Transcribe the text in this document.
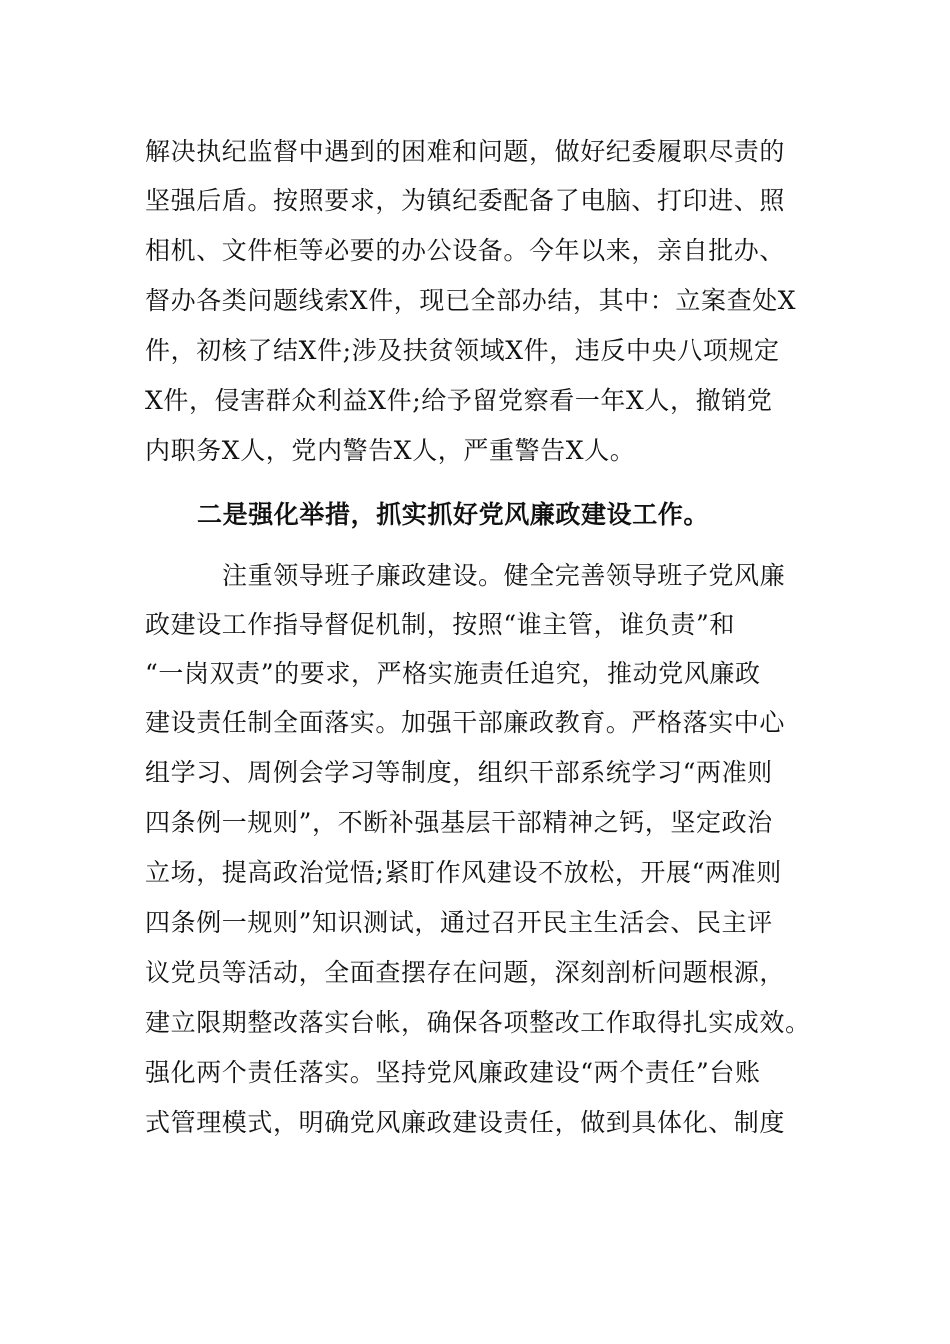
解决执纪监督中遇到的困难和问题，做好纪委履职尽责的
坚强后盾。按照要求，为镇纪委配备了电脑、打印进、照
相机、文件柜等必要的办公设备。今年以来，亲自批办、
督办各类问题线索X件，现已全部办结，其中：立案查处X
件，初核了结X件;涉及扶贫领域X件，违反中央八项规定
X件，侵害群众利益X件;给予留党察看一年X人，撤销党
内职务X人，党内警告X人，严重警告X人。
二是强化举措，抓实抓好党风廉政建设工作。
注重领导班子廉政建设。健全完善领导班子党风廉
政建设工作指导督促机制，按照“谁主管，谁负责”和
“一岗双责”的要求，严格实施责任追究，推动党风廉政
建设责任制全面落实。加强干部廉政教育。严格落实中心
组学习、周例会学习等制度，组织干部系统学习“两准则
四条例一规则”，不断补强基层干部精神之钙，坚定政治
立场，提高政治觉悟;紧盯作风建设不放松，开展“两准则
四条例一规则”知识测试，通过召开民主生活会、民主评
议党员等活动，全面查摆存在问题，深刻剖析问题根源，
建立限期整改落实台帐，确保各项整改工作取得扎实成效。
强化两个责任落实。坚持党风廉政建设“两个责任”台账
式管理模式，明确党风廉政建设责任，做到具体化、制度
